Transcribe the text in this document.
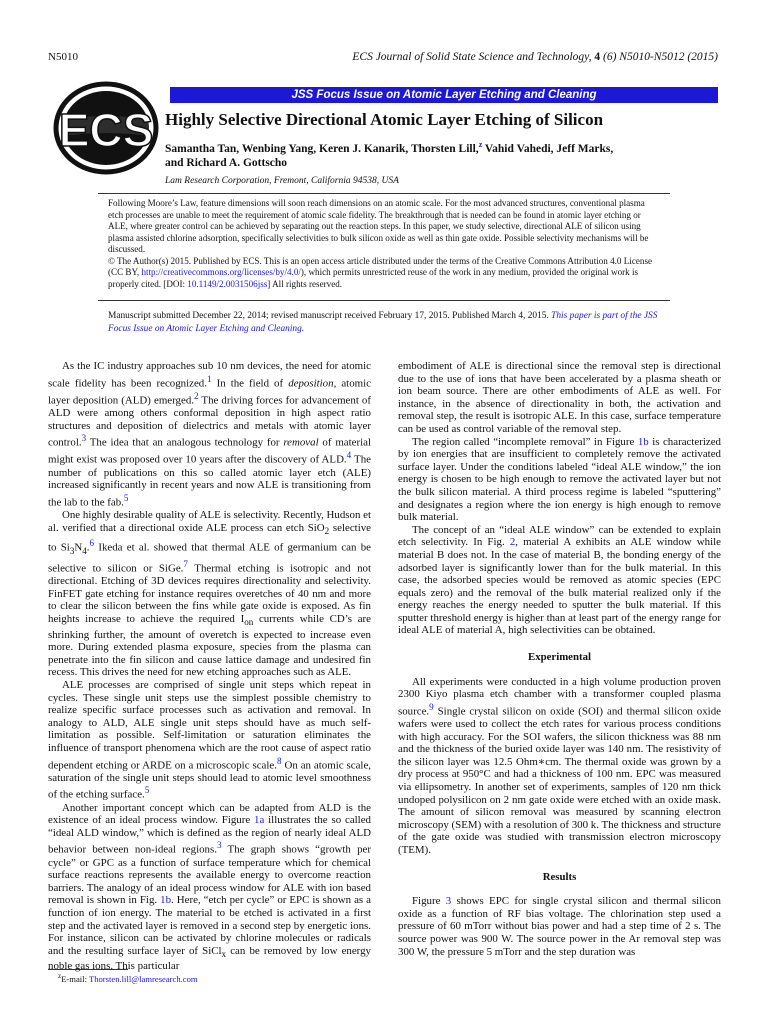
N5010	ECS Journal of Solid State Science and Technology, 4 (6) N5010-N5012 (2015)
ECS
JSS Focus Issue on Atomic Layer Etching and Cleaning
Highly Selective Directional Atomic Layer Etching of Silicon
Samantha Tan, Wenbing Yang, Keren J. Kanarik, Thorsten Lill,$^z$ Vahid Vahedi, Jeff Marks,
and Richard A. Gottscho
Lam Research Corporation, Fremont, California 94538, USA
Following Moore’s Law, feature dimensions will soon reach dimensions on an atomic scale. For the most advanced structures, conventional plasma etch processes are unable to meet the requirement of atomic scale fidelity. The breakthrough that is needed can be found in atomic layer etching or ALE, where greater control can be achieved by separating out the reaction steps. In this paper, we study selective, directional ALE of silicon using plasma assisted chlorine adsorption, specifically selectivities to bulk silicon oxide as well as thin gate oxide. Possible selectivity mechanisms will be discussed.
© The Author(s) 2015. Published by ECS. This is an open access article distributed under the terms of the Creative Commons Attribution 4.0 License (CC BY, http://creativecommons.org/licenses/by/4.0/), which permits unrestricted reuse of the work in any medium, provided the original work is properly cited. [DOI: 10.1149/2.0031506jss] All rights reserved.
Manuscript submitted December 22, 2014; revised manuscript received February 17, 2015. Published March 4, 2015. This paper is part of the JSS Focus Issue on Atomic Layer Etching and Cleaning.

As the IC industry approaches sub 10 nm devices, the need for atomic scale fidelity has been recognized.$^1$ In the field of deposition, atomic layer deposition (ALD) emerged.$^2$ The driving forces for advancement of ALD were among others conformal deposition in high aspect ratio structures and deposition of dielectrics and metals with atomic layer control.$^3$ The idea that an analogous technology for removal of material might exist was proposed over 10 years after the discovery of ALD.$^4$ The number of publications on this so called atomic layer etch (ALE) increased significantly in recent years and now ALE is transitioning from the lab to the fab.$^5$

One highly desirable quality of ALE is selectivity. Recently, Hudson et al. verified that a directional oxide ALE process can etch SiO$_2$ selective to $Si_3N_4.^6$ Ikeda et al. showed that thermal ALE of germanium can be selective to silicon or SiGe.$^7$ Thermal etching is isotropic and not directional. Etching of 3D devices requires directionality and selectivity. FinFET gate etching for instance requires overetches of 40 nm and more to clear the silicon between the fins while gate oxide is exposed. As fin heights increase to achieve the required $I_{on}$ currents while CD’s are shrinking further, the amount of overetch is expected to increase even more. During extended plasma exposure, species from the plasma can penetrate into the fin silicon and cause lattice damage and undesired fin recess. This drives the need for new etching approaches such as ALE.

ALE processes are comprised of single unit steps which repeat in cycles. These single unit steps use the simplest possible chemistry to realize specific surface processes such as activation and removal. In analogy to ALD, ALE single unit steps should have as much self-limitation as possible. Self-limitation or saturation eliminates the influence of transport phenomena which are the root cause of aspect ratio dependent etching or ARDE on a microscopic scale.$^8$ On an atomic scale, saturation of the single unit steps should lead to atomic level smoothness of the etching surface.$^5$

Another important concept which can be adapted from ALD is the existence of an ideal process window. Figure 1a illustrates the so called “ideal ALD window,” which is defined as the region of nearly ideal ALD behavior between non-ideal regions.$^3$ The graph shows “growth per cycle” or GPC as a function of surface temperature which for chemical surface reactions represents the available energy to overcome reaction barriers. The analogy of an ideal process window for ALE with ion based removal is shown in Fig. 1b. Here, “etch per cycle” or EPC is shown as a function of ion energy. The material to be etched is activated in a first step and the activated layer is removed in a second step by energetic ions. For instance, silicon can be activated by chlorine molecules or radicals and the resulting surface layer of SiCl$_x$ can be removed by low energy noble gas ions. This particular

embodiment of ALE is directional since the removal step is directional due to the use of ions that have been accelerated by a plasma sheath or ion beam source. There are other embodiments of ALE as well. For instance, in the absence of directionality in both, the activation and removal step, the result is isotropic ALE. In this case, surface temperature can be used as control variable of the removal step.

The region called “incomplete removal” in Figure 1b is characterized by ion energies that are insufficient to completely remove the activated surface layer. Under the conditions labeled “ideal ALE window,” the ion energy is chosen to be high enough to remove the activated layer but not the bulk silicon material. A third process regime is labeled “sputtering” and designates a region where the ion energy is high enough to remove bulk material.

The concept of an “ideal ALE window” can be extended to explain etch selectivity. In Fig. 2, material A exhibits an ALE window while material B does not. In the case of material B, the bonding energy of the adsorbed layer is significantly lower than for the bulk material. In this case, the adsorbed species would be removed as atomic species (EPC equals zero) and the removal of the bulk material realized only if the energy reaches the energy needed to sputter the bulk material. If this sputter threshold energy is higher than at least part of the energy range for ideal ALE of material A, high selectivities can be obtained.

Experimental

All experiments were conducted in a high volume production proven 2300 Kiyo plasma etch chamber with a transformer coupled plasma source.$^9$ Single crystal silicon on oxide (SOI) and thermal silicon oxide wafers were used to collect the etch rates for various process conditions with high accuracy. For the SOI wafers, the silicon thickness was 88 nm and the thickness of the buried oxide layer was 140 nm. The resistivity of the silicon layer was 12.5 Ohm∗cm. The thermal oxide was grown by a dry process at 950°C and had a thickness of 100 nm. EPC was measured via ellipsometry. In another set of experiments, samples of 120 nm thick undoped polysilicon on 2 nm gate oxide were etched with an oxide mask. The amount of silicon removal was measured by scanning electron microscopy (SEM) with a resolution of 300 k. The thickness and structure of the gate oxide was studied with transmission electron microscopy (TEM).

Results

Figure 3 shows EPC for single crystal silicon and thermal silicon oxide as a function of RF bias voltage. The chlorination step used a pressure of 60 mTorr without bias power and had a step time of 2 s. The source power was 900 W. The source power in the Ar removal step was 300 W, the pressure 5 mTorr and the step duration was

$^z$E-mail: Thorsten.lill@lamresearch.com
